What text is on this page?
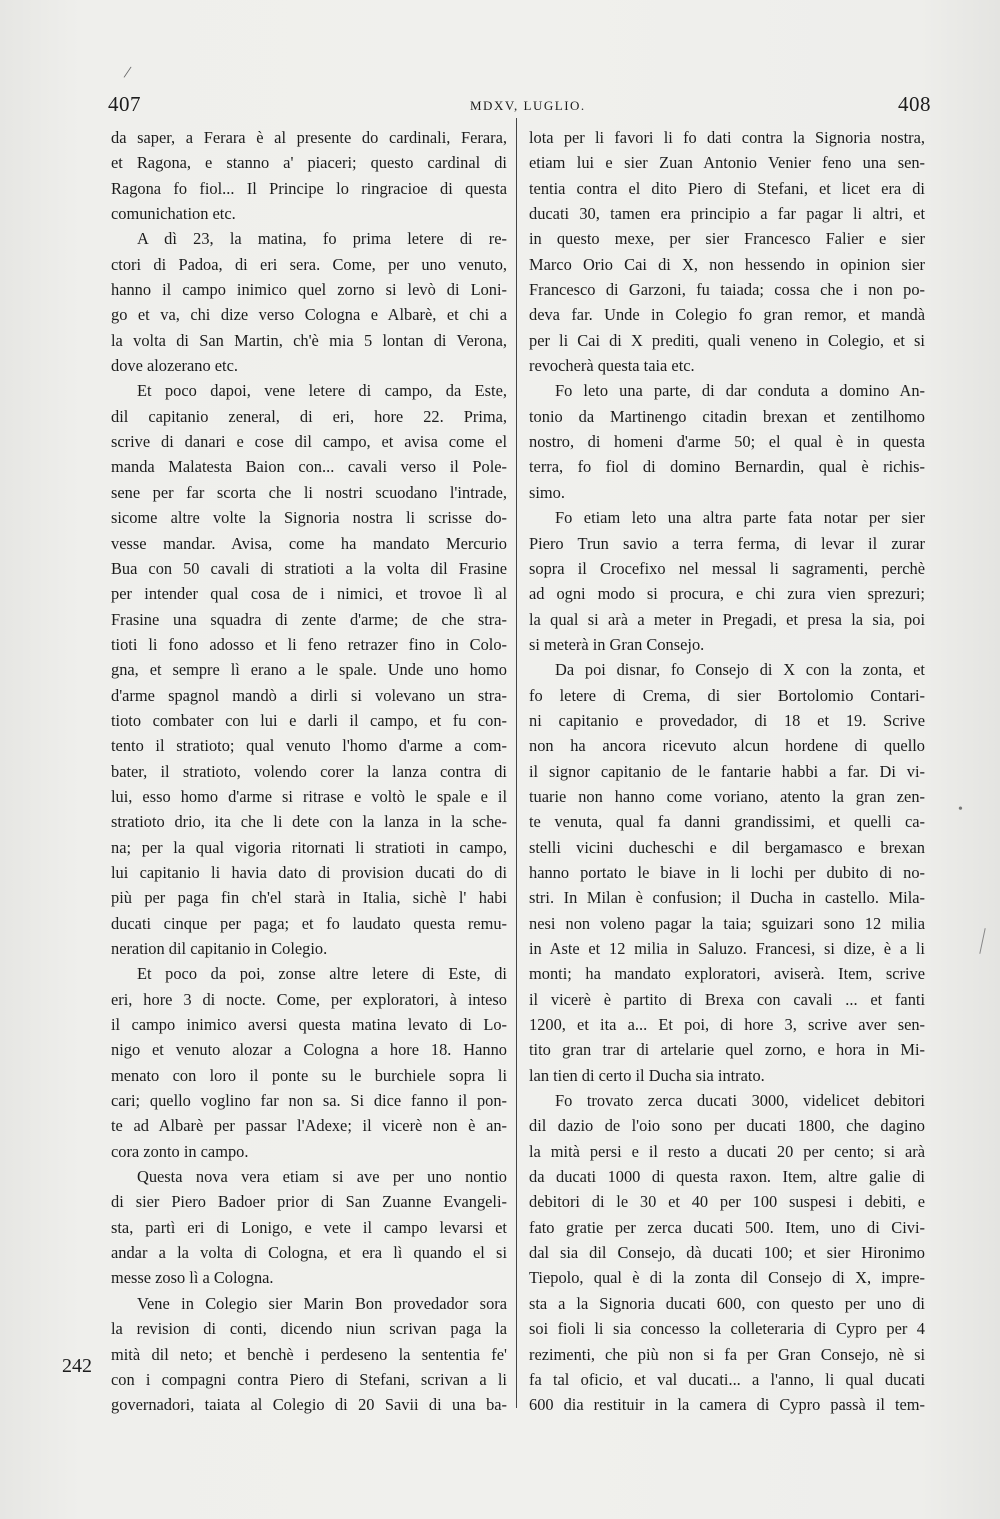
/
407	MDXV, LUGLIO.	408
da saper, a Ferara è al presente do cardinali, Ferara,
et Ragona, e stanno a' piaceri; questo cardinal di
Ragona fo fiol... Il Principe lo ringracioe di questa
comunichation etc.
A dì 23, la matina, fo prima letere di re-
ctori di Padoa, di eri sera. Come, per uno venuto,
hanno il campo inimico quel zorno si levò di Loni-
go et va, chi dize verso Cologna e Albarè, et chi a
la volta di San Martin, ch'è mia 5 lontan di Verona,
dove alozerano etc.
Et poco dapoi, vene letere di campo, da Este,
dil capitanio zeneral, di eri, hore 22. Prima,
scrive di danari e cose dil campo, et avisa come el
manda Malatesta Baion con... cavali verso il Pole-
sene per far scorta che li nostri scuodano l'intrade,
sicome altre volte la Signoria nostra li scrisse do-
vesse mandar. Avisa, come ha mandato Mercurio
Bua con 50 cavali di stratioti a la volta dil Frasine
per intender qual cosa de i nimici, et trovoe lì al
Frasine una squadra di zente d'arme; de che stra-
tioti li fono adosso et li feno retrazer fino in Colo-
gna, et sempre lì erano a le spale. Unde uno homo
d'arme spagnol mandò a dirli si volevano un stra-
tioto combater con lui e darli il campo, et fu con-
tento il stratioto; qual venuto l'homo d'arme a com-
bater, il stratioto, volendo corer la lanza contra di
lui, esso homo d'arme si ritrase e voltò le spale e il
stratioto drio, ita che li dete con la lanza in la sche-
na; per la qual vigoria ritornati li stratioti in campo,
lui capitanio li havia dato di provision ducati do di
più per paga fin ch'el starà in Italia, sichè l' habi
ducati cinque per paga; et fo laudato questa remu-
neration dil capitanio in Colegio.
Et poco da poi, zonse altre letere di Este, di
eri, hore 3 di nocte. Come, per exploratori, à inteso
il campo inimico aversi questa matina levato di Lo-
nigo et venuto alozar a Cologna a hore 18. Hanno
menato con loro il ponte su le burchiele sopra li
cari; quello voglino far non sa. Si dice fanno il pon-
te ad Albarè per passar l'Adexe; il vicerè non è an-
cora zonto in campo.
Questa nova vera etiam si ave per uno nontio
di sier Piero Badoer prior di San Zuanne Evangeli-
sta, partì eri di Lonigo, e vete il campo levarsi et
andar a la volta di Cologna, et era lì quando el si
messe zoso lì a Cologna.
Vene in Colegio sier Marin Bon provedador sora
la revision di conti, dicendo niun scrivan paga la
mità dil neto; et benchè i perdeseno la sententia fe'
con i compagni contra Piero di Stefani, scrivan a li
governadori, taiata al Colegio di 20 Savii di una ba-
lota per li favori li fo dati contra la Signoria nostra,
etiam lui e sier Zuan Antonio Venier feno una sen-
tentia contra el dito Piero di Stefani, et licet era di
ducati 30, tamen era principio a far pagar li altri, et
in questo mexe, per sier Francesco Falier e sier
Marco Orio Cai di X, non hessendo in opinion sier
Francesco di Garzoni, fu taiada; cossa che i non po-
deva far. Unde in Colegio fo gran remor, et mandà
per li Cai di X prediti, quali veneno in Colegio, et si
revocherà questa taia etc.
Fo leto una parte, di dar conduta a domino An-
tonio da Martinengo citadin brexan et zentilhomo
nostro, di homeni d'arme 50; el qual è in questa
terra, fo fiol di domino Bernardin, qual è richis-
simo.
Fo etiam leto una altra parte fata notar per sier
Piero Trun savio a terra ferma, di levar il zurar
sopra il Crocefixo nel messal li sagramenti, perchè
ad ogni modo si procura, e chi zura vien sprezuri;
la qual si arà a meter in Pregadi, et presa la sia, poi
si meterà in Gran Consejo.
Da poi disnar, fo Consejo di X con la zonta, et
fo letere di Crema, di sier Bortolomio Contari-
ni capitanio e provedador, di 18 et 19. Scrive
non ha ancora ricevuto alcun hordene di quello
il signor capitanio de le fantarie habbi a far. Di vi-
tuarie non hanno come voriano, atento la gran zen-
te venuta, qual fa danni grandissimi, et quelli ca-
stelli vicini ducheschi e dil bergamasco e brexan
hanno portato le biave in li lochi per dubito di no-
stri. In Milan è confusion; il Ducha in castello. Mila-
nesi non voleno pagar la taia; sguizari sono 12 milia
in Aste et 12 milia in Saluzo. Francesi, si dize, è a li
monti; ha mandato exploratori, aviserà. Item, scrive
il vicerè è partito di Brexa con cavali ... et fanti
1200, et ita a... Et poi, di hore 3, scrive aver sen-
tito gran trar di artelarie quel zorno, e hora in Mi-
lan tien di certo il Ducha sia intrato.
Fo trovato zerca ducati 3000, videlicet debitori
dil dazio de l'oio sono per ducati 1800, che dagino
la mità persi e il resto a ducati 20 per cento; si arà
da ducati 1000 di questa raxon. Item, altre galie di
debitori di le 30 et 40 per 100 suspesi i debiti, e
fato gratie per zerca ducati 500. Item, uno di Civi-
dal sia dil Consejo, dà ducati 100; et sier Hironimo
Tiepolo, qual è di la zonta dil Consejo di X, impre-
sta a la Signoria ducati 600, con questo per uno di
soi fioli li sia concesso la colleteraria di Cypro per 4
rezimenti, che più non si fa per Gran Consejo, nè si
fa tal oficio, et val ducati... a l'anno, li qual ducati
600 dia restituir in la camera di Cypro passà il tem-
242
•
